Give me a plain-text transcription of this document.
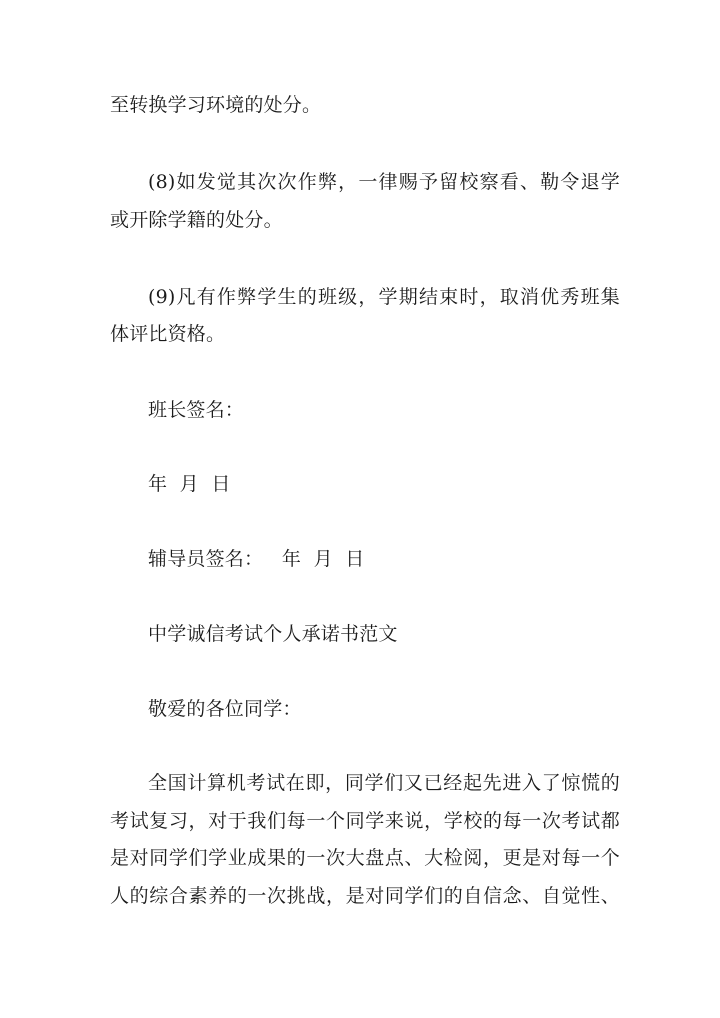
至转换学习环境的处分。
(8)如发觉其次次作弊，一律赐予留校察看、勒令退学
或开除学籍的处分。
(9)凡有作弊学生的班级，学期结束时，取消优秀班集
体评比资格。
班长签名：
年  月  日
辅导员签名：   年  月  日
中学诚信考试个人承诺书范文
敬爱的各位同学：
全国计算机考试在即，同学们又已经起先进入了惊慌的
考试复习，对于我们每一个同学来说，学校的每一次考试都
是对同学们学业成果的一次大盘点、大检阅，更是对每一个
人的综合素养的一次挑战，是对同学们的自信念、自觉性、
